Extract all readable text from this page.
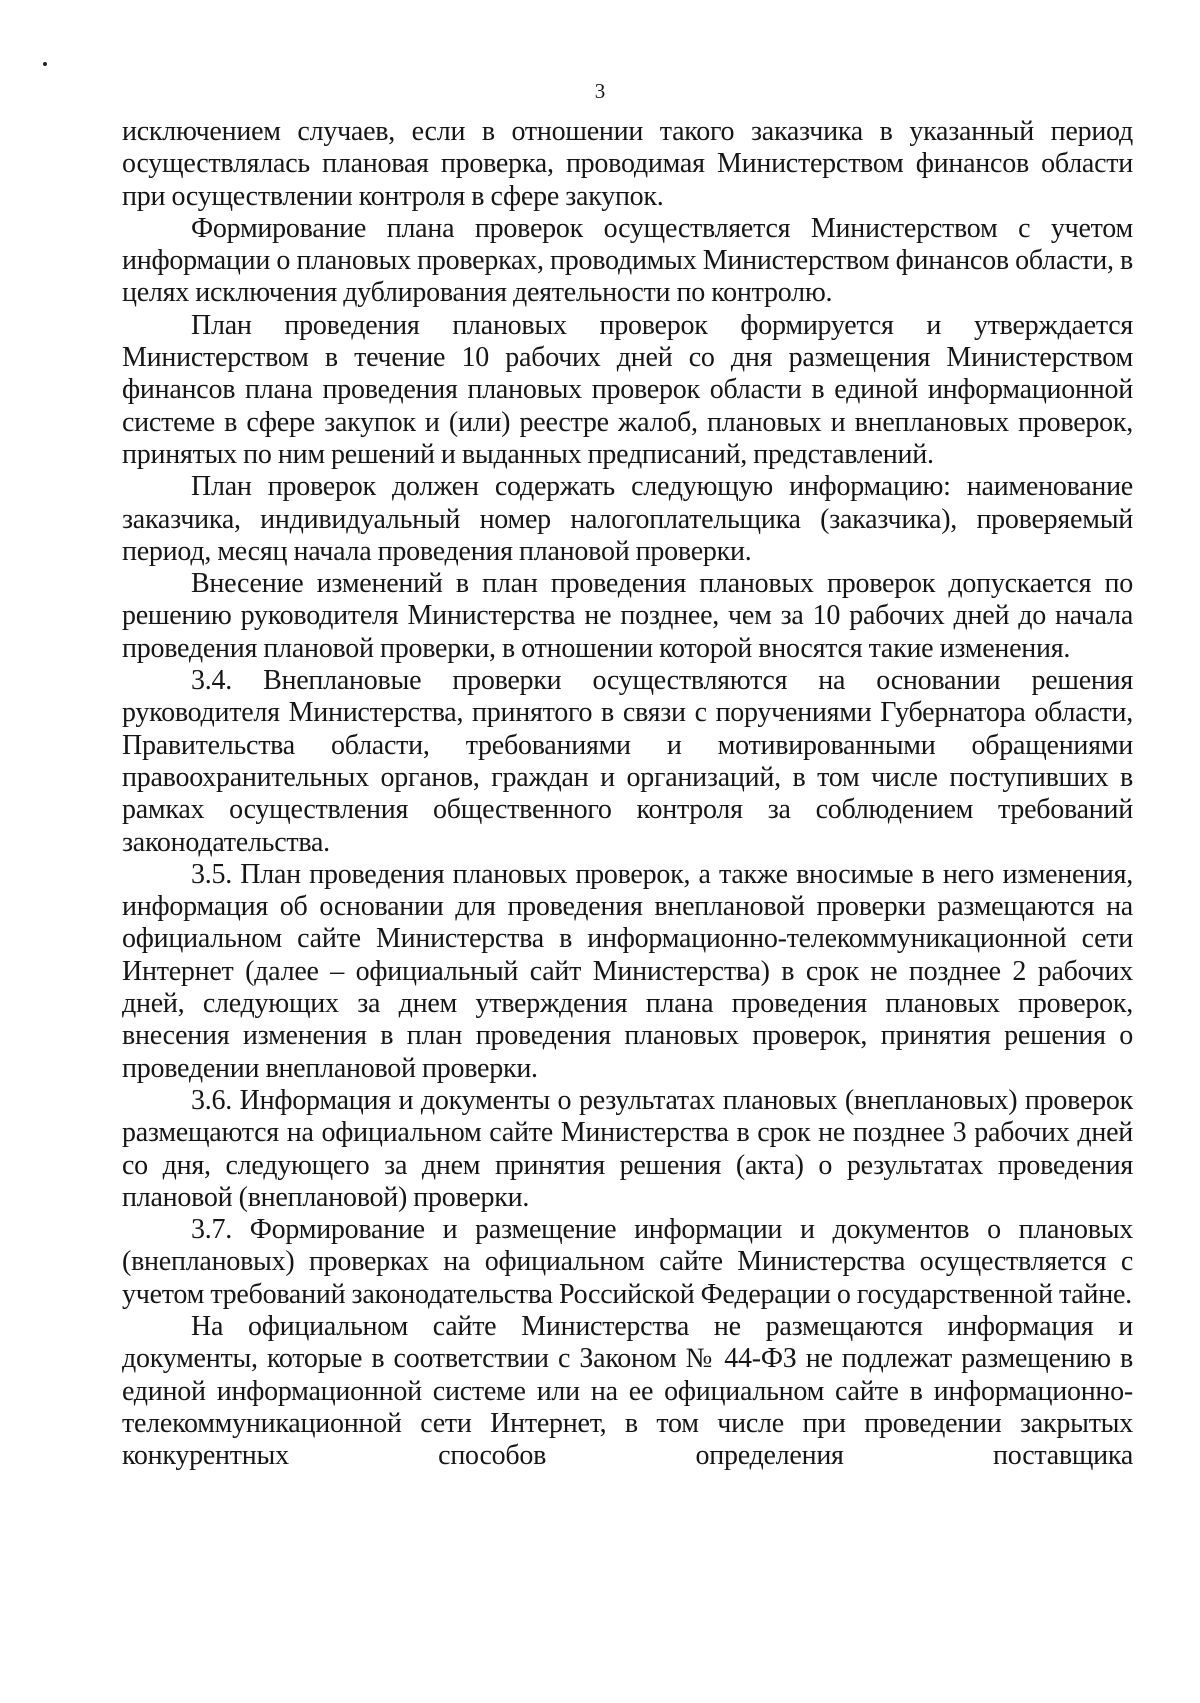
3

исключением случаев, если в отношении такого заказчика в указанный период осуществлялась плановая проверка, проводимая Министерством финансов области при осуществлении контроля в сфере закупок.

Формирование плана проверок осуществляется Министерством с учетом информации о плановых проверках, проводимых Министерством финансов области, в целях исключения дублирования деятельности по контролю.

План проведения плановых проверок формируется и утверждается Министерством в течение 10 рабочих дней со дня размещения Министерством финансов плана проведения плановых проверок области в единой информационной системе в сфере закупок и (или) реестре жалоб, плановых и внеплановых проверок, принятых по ним решений и выданных предписаний, представлений.

План проверок должен содержать следующую информацию: наименование заказчика, индивидуальный номер налогоплательщика (заказчика), проверяемый период, месяц начала проведения плановой проверки.

Внесение изменений в план проведения плановых проверок допускается по решению руководителя Министерства не позднее, чем за 10 рабочих дней до начала проведения плановой проверки, в отношении которой вносятся такие изменения.

3.4. Внеплановые проверки осуществляются на основании решения руководителя Министерства, принятого в связи с поручениями Губернатора области, Правительства области, требованиями и мотивированными обращениями правоохранительных органов, граждан и организаций, в том числе поступивших в рамках осуществления общественного контроля за соблюдением требований законодательства.

3.5. План проведения плановых проверок, а также вносимые в него изменения, информация об основании для проведения внеплановой проверки размещаются на официальном сайте Министерства в информационно-телекоммуникационной сети Интернет (далее – официальный сайт Министерства) в срок не позднее 2 рабочих дней, следующих за днем утверждения плана проведения плановых проверок, внесения изменения в план проведения плановых проверок, принятия решения о проведении внеплановой проверки.

3.6. Информация и документы о результатах плановых (внеплановых) проверок размещаются на официальном сайте Министерства в срок не позднее 3 рабочих дней со дня, следующего за днем принятия решения (акта) о результатах проведения плановой (внеплановой) проверки.

3.7. Формирование и размещение информации и документов о плановых (внеплановых) проверках на официальном сайте Министерства осуществляется с учетом требований законодательства Российской Федерации о государственной тайне.

На официальном сайте Министерства не размещаются информация и документы, которые в соответствии с Законом № 44-ФЗ не подлежат размещению в единой информационной системе или на ее официальном сайте в информационно-телекоммуникационной сети Интернет, в том числе при проведении закрытых конкурентных способов определения поставщика
